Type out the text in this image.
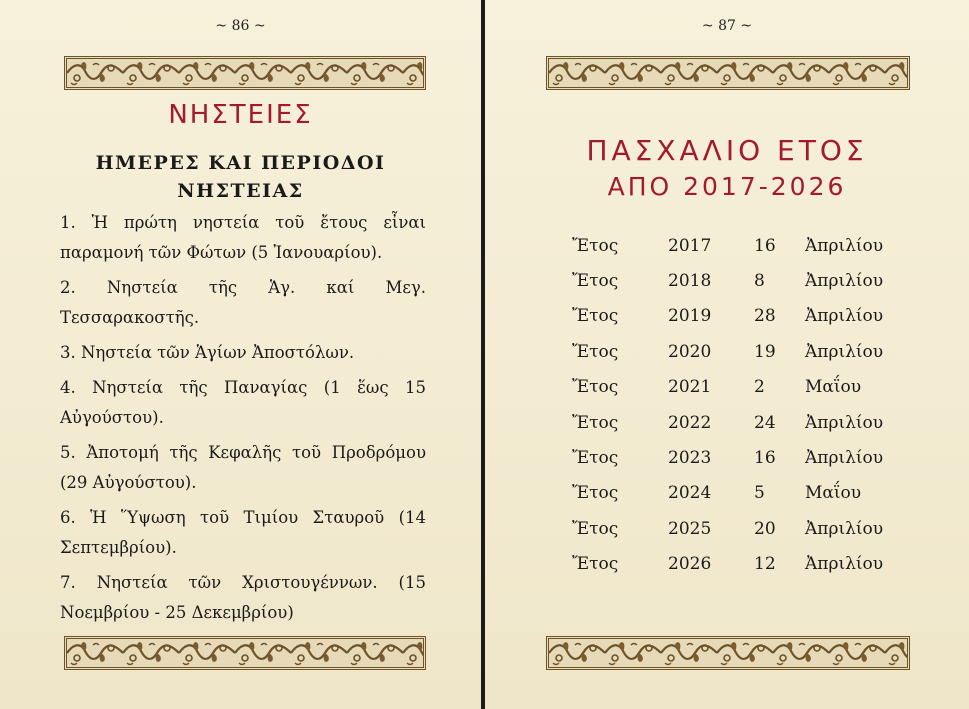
~ 86 ~
ΝΗΣΤΕΙΕΣ
ΗΜΕΡΕΣ ΚΑΙ ΠΕΡΙΟΔΟΙ
ΝΗΣΤΕΙΑΣ
1. Ἡ πρώτη νηστεία τοῦ ἔτους εἶναι παραμονή τῶν Φώτων (5 Ἰανουαρίου).
2. Νηστεία τῆς Ἁγ. καί Μεγ. Τεσσαρακοστῆς.
3. Νηστεία τῶν Ἁγίων Ἀποστόλων.
4. Νηστεία τῆς Παναγίας (1 ἕως 15 Αὐγούστου).
5. Ἀποτομή τῆς Κεφαλῆς τοῦ Προδρόμου (29 Αὐγούστου).
6. Ἡ Ὕψωση τοῦ Τιμίου Σταυροῦ (14 Σεπτεμβρίου).
7. Νηστεία τῶν Χριστουγέννων. (15 Νοεμβρίου - 25 Δεκεμβρίου)
~ 87 ~
ΠΑΣΧΑΛΙΟ ΕΤΟΣ
ΑΠΟ 2017-2026
Ἔτος	2017	16	Ἀπριλίου
Ἔτος	2018	8	Ἀπριλίου
Ἔτος	2019	28	Ἀπριλίου
Ἔτος	2020	19	Ἀπριλίου
Ἔτος	2021	2	Μαΐου
Ἔτος	2022	24	Ἀπριλίου
Ἔτος	2023	16	Ἀπριλίου
Ἔτος	2024	5	Μαΐου
Ἔτος	2025	20	Ἀπριλίου
Ἔτος	2026	12	Ἀπριλίου
